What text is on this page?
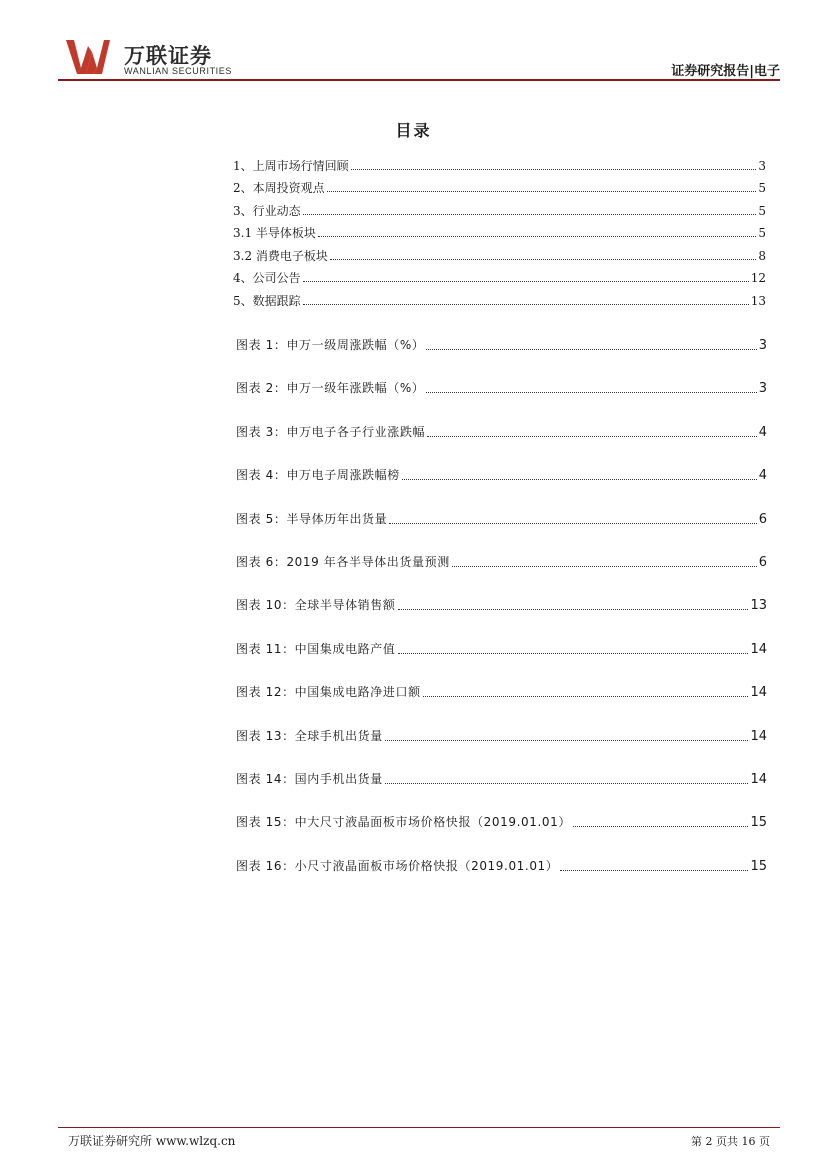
万联证券
WANLIAN SECURITIES	证券研究报告|电子
目录
1、上周市场行情回顾	3
2、本周投资观点	5
3、行业动态	5
3.1 半导体板块	5
3.2 消费电子板块	8
4、公司公告	12
5、数据跟踪	13
图表 1：申万一级周涨跌幅（%）	3
图表 2：申万一级年涨跌幅（%）	3
图表 3：申万电子各子行业涨跌幅	4
图表 4：申万电子周涨跌幅榜	4
图表 5：半导体历年出货量	6
图表 6：2019 年各半导体出货量预测	6
图表 10：全球半导体销售额	13
图表 11：中国集成电路产值	14
图表 12：中国集成电路净进口额	14
图表 13：全球手机出货量	14
图表 14：国内手机出货量	14
图表 15：中大尺寸液晶面板市场价格快报（2019.01.01）	15
图表 16：小尺寸液晶面板市场价格快报（2019.01.01）	15
万联证券研究所 www.wlzq.cn	第 2 页共 16 页
